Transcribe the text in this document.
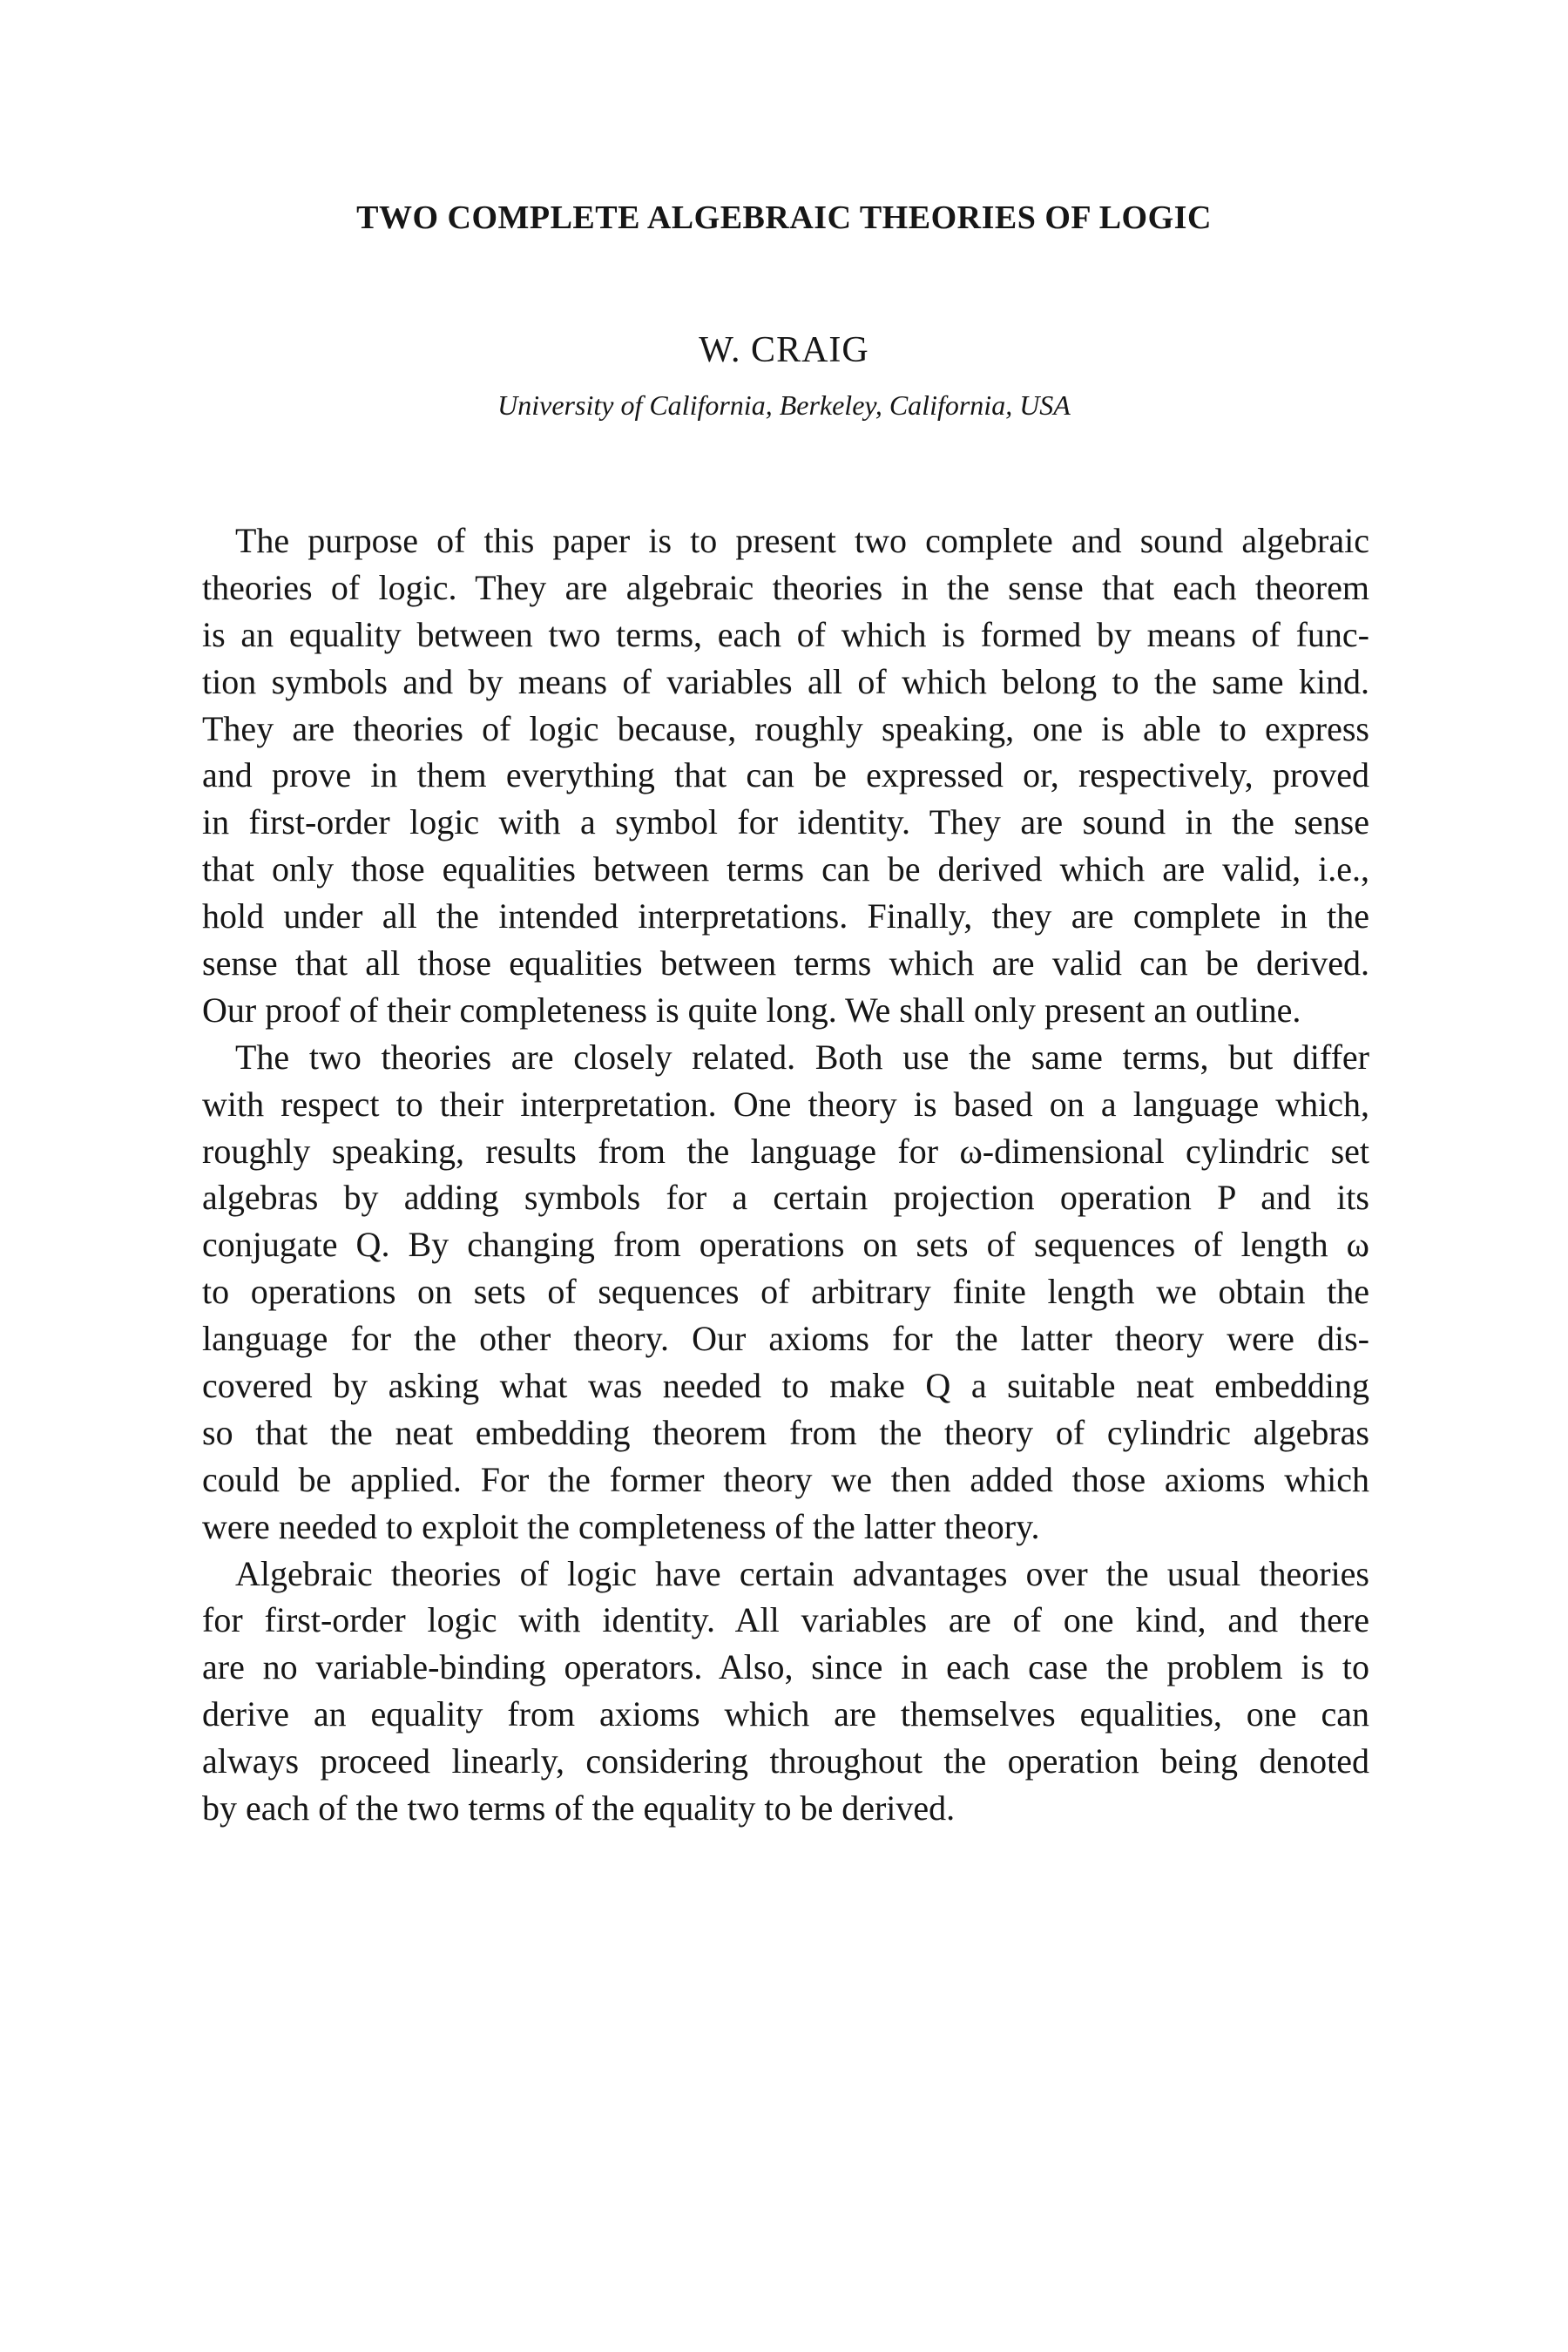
TWO COMPLETE ALGEBRAIC THEORIES OF LOGIC
W. CRAIG
University of California, Berkeley, California, USA
The purpose of this paper is to present two complete and sound algebraic
theories of logic. They are algebraic theories in the sense that each theorem
is an equality between two terms, each of which is formed by means of func-
tion symbols and by means of variables all of which belong to the same kind.
They are theories of logic because, roughly speaking, one is able to express
and prove in them everything that can be expressed or, respectively, proved
in first-order logic with a symbol for identity. They are sound in the sense
that only those equalities between terms can be derived which are valid, i.e.,
hold under all the intended interpretations. Finally, they are complete in the
sense that all those equalities between terms which are valid can be derived.
Our proof of their completeness is quite long. We shall only present an outline.
The two theories are closely related. Both use the same terms, but differ
with respect to their interpretation. One theory is based on a language which,
roughly speaking, results from the language for ω-dimensional cylindric set
algebras by adding symbols for a certain projection operation P and its
conjugate Q. By changing from operations on sets of sequences of length ω
to operations on sets of sequences of arbitrary finite length we obtain the
language for the other theory. Our axioms for the latter theory were dis-
covered by asking what was needed to make Q a suitable neat embedding
so that the neat embedding theorem from the theory of cylindric algebras
could be applied. For the former theory we then added those axioms which
were needed to exploit the completeness of the latter theory.
Algebraic theories of logic have certain advantages over the usual theories
for first-order logic with identity. All variables are of one kind, and there
are no variable-binding operators. Also, since in each case the problem is to
derive an equality from axioms which are themselves equalities, one can
always proceed linearly, considering throughout the operation being denoted
by each of the two terms of the equality to be derived.
